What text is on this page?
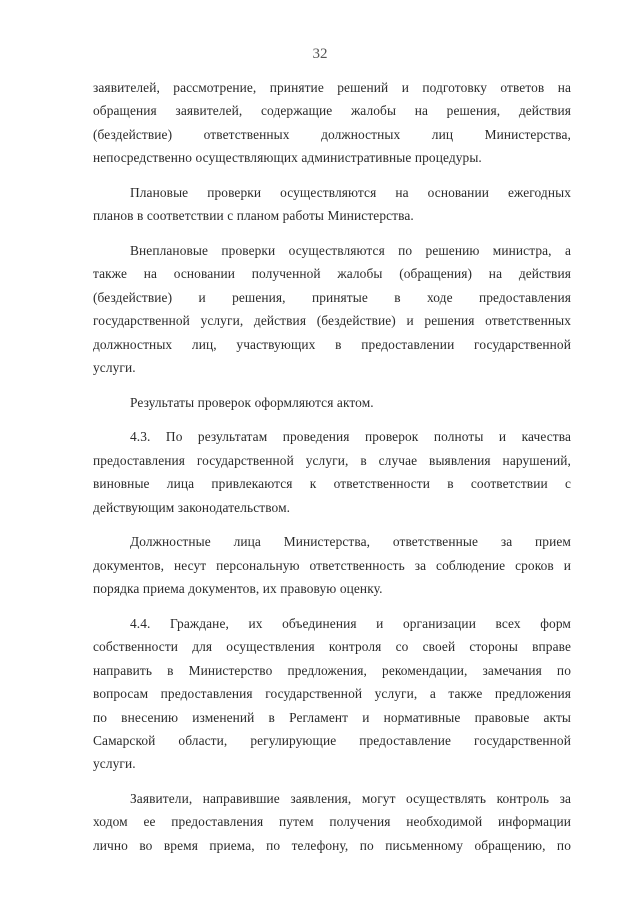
32
заявителей, рассмотрение, принятие решений и подготовку ответов на
обращения заявителей, содержащие жалобы на решения, действия
(бездействие) ответственных должностных лиц Министерства,
непосредственно осуществляющих административные процедуры.
Плановые проверки осуществляются на основании ежегодных
планов в соответствии с планом работы Министерства.
Внеплановые проверки осуществляются по решению министра, а
также на основании полученной жалобы (обращения) на действия
(бездействие) и решения, принятые в ходе предоставления
государственной услуги, действия (бездействие) и решения ответственных
должностных лиц, участвующих в предоставлении государственной
услуги.
Результаты проверок оформляются актом.
4.3. По результатам проведения проверок полноты и качества
предоставления государственной услуги, в случае выявления нарушений,
виновные лица привлекаются к ответственности в соответствии с
действующим законодательством.
Должностные лица Министерства, ответственные за прием
документов, несут персональную ответственность за соблюдение сроков и
порядка приема документов, их правовую оценку.
4.4. Граждане, их объединения и организации всех форм
собственности для осуществления контроля со своей стороны вправе
направить в Министерство предложения, рекомендации, замечания по
вопросам предоставления государственной услуги, а также предложения
по внесению изменений в Регламент и нормативные правовые акты
Самарской области, регулирующие предоставление государственной
услуги.
Заявители, направившие заявления, могут осуществлять контроль за
ходом ее предоставления путем получения необходимой информации
лично во время приема, по телефону, по письменному обращению, по
